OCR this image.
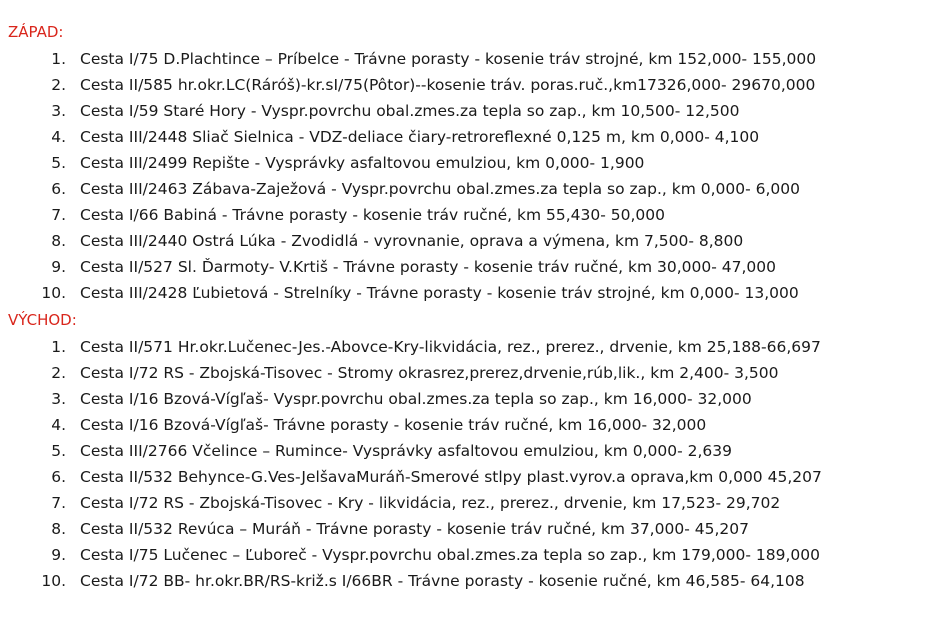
ZÁPAD:
1. Cesta I/75 D.Plachtince – Príbelce - Trávne porasty - kosenie tráv strojné, km 152,000- 155,000
2. Cesta II/585 hr.okr.LC(Ráróš)-kr.sI/75(Pôtor)--kosenie tráv. poras.ruč.,km17326,000- 29670,000
3. Cesta I/59 Staré Hory - Vyspr.povrchu obal.zmes.za tepla so zap., km 10,500- 12,500
4. Cesta III/2448 Sliač Sielnica - VDZ-deliace čiary-retroreflexné 0,125 m, km 0,000- 4,100
5. Cesta III/2499 Repište - Vysprávky asfaltovou emulziou, km 0,000- 1,900
6. Cesta III/2463 Zábava-Zaježová - Vyspr.povrchu obal.zmes.za tepla so zap., km 0,000- 6,000
7. Cesta I/66 Babiná - Trávne porasty - kosenie tráv ručné, km 55,430- 50,000
8. Cesta III/2440 Ostrá Lúka - Zvodidlá - vyrovnanie, oprava a výmena, km 7,500- 8,800
9. Cesta II/527 Sl. Ďarmoty- V.Krtiš - Trávne porasty - kosenie tráv ručné, km 30,000- 47,000
10. Cesta III/2428 Ľubietová - Strelníky - Trávne porasty - kosenie tráv strojné, km 0,000- 13,000
VÝCHOD:
1. Cesta II/571 Hr.okr.Lučenec-Jes.-Abovce-Kry-likvidácia, rez., prerez., drvenie, km 25,188-66,697
2. Cesta I/72 RS - Zbojská-Tisovec - Stromy okrasrez,prerez,drvenie,rúb,lik., km 2,400- 3,500
3. Cesta I/16 Bzová-Vígľaš- Vyspr.povrchu obal.zmes.za tepla so zap., km 16,000- 32,000
4. Cesta I/16 Bzová-Vígľaš- Trávne porasty - kosenie tráv ručné, km 16,000- 32,000
5. Cesta III/2766 Včelince – Rumince- Vysprávky asfaltovou emulziou, km 0,000- 2,639
6. Cesta II/532 Behynce-G.Ves-JelšavaMuráň-Smerové stlpy plast.vyrov.a oprava,km 0,000 45,207
7. Cesta I/72 RS - Zbojská-Tisovec - Kry - likvidácia, rez., prerez., drvenie, km 17,523- 29,702
8. Cesta II/532 Revúca – Muráň - Trávne porasty - kosenie tráv ručné, km 37,000- 45,207
9. Cesta I/75 Lučenec – Ľuboreč - Vyspr.povrchu obal.zmes.za tepla so zap., km 179,000- 189,000
10. Cesta I/72 BB- hr.okr.BR/RS-križ.s I/66BR - Trávne porasty - kosenie ručné, km 46,585- 64,108
